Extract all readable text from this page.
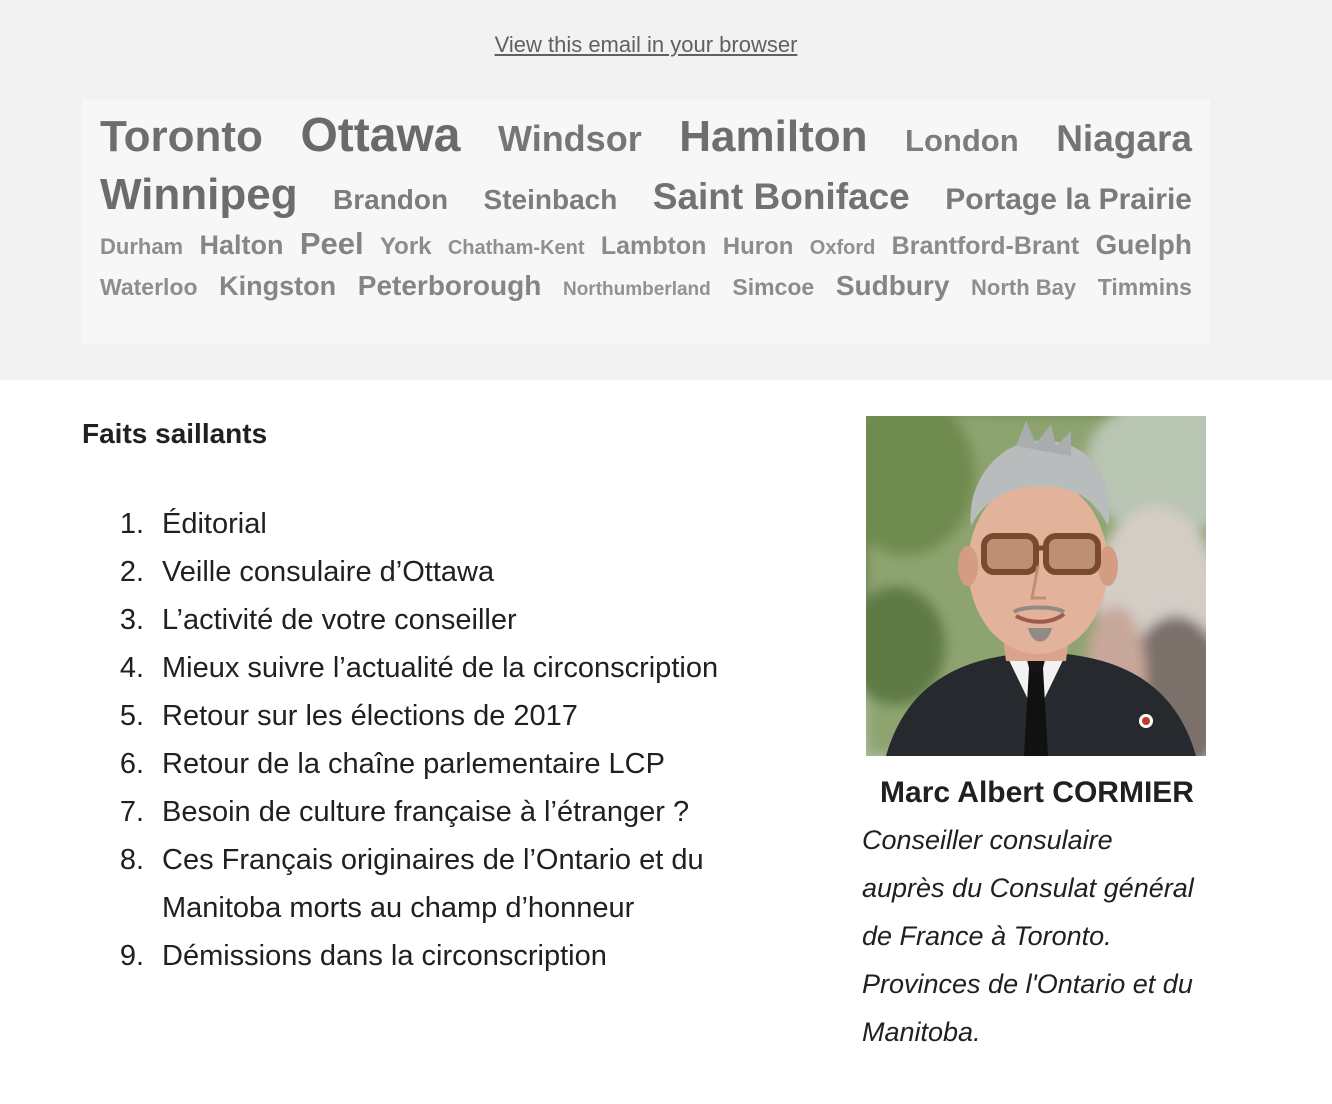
View this email in your browser
Toronto Ottawa Windsor Hamilton London Niagara
Winnipeg Brandon Steinbach Saint Boniface Portage la Prairie
Durham Halton Peel York Chatham-Kent Lambton Huron Oxford Brantford-Brant Guelph
Waterloo Kingston Peterborough Northumberland Simcoe Sudbury North Bay Timmins
Faits saillants
1. Éditorial
2. Veille consulaire d’Ottawa
3. L’activité de votre conseiller
4. Mieux suivre l’actualité de la circonscription
5. Retour sur les élections de 2017
6. Retour de la chaîne parlementaire LCP
7. Besoin de culture française à l’étranger ?
8. Ces Français originaires de l’Ontario et du Manitoba morts au champ d’honneur
9. Démissions dans la circonscription
Marc Albert CORMIER
Conseiller consulaire
auprès du Consulat général
de France à Toronto.
Provinces de l'Ontario et du
Manitoba.
